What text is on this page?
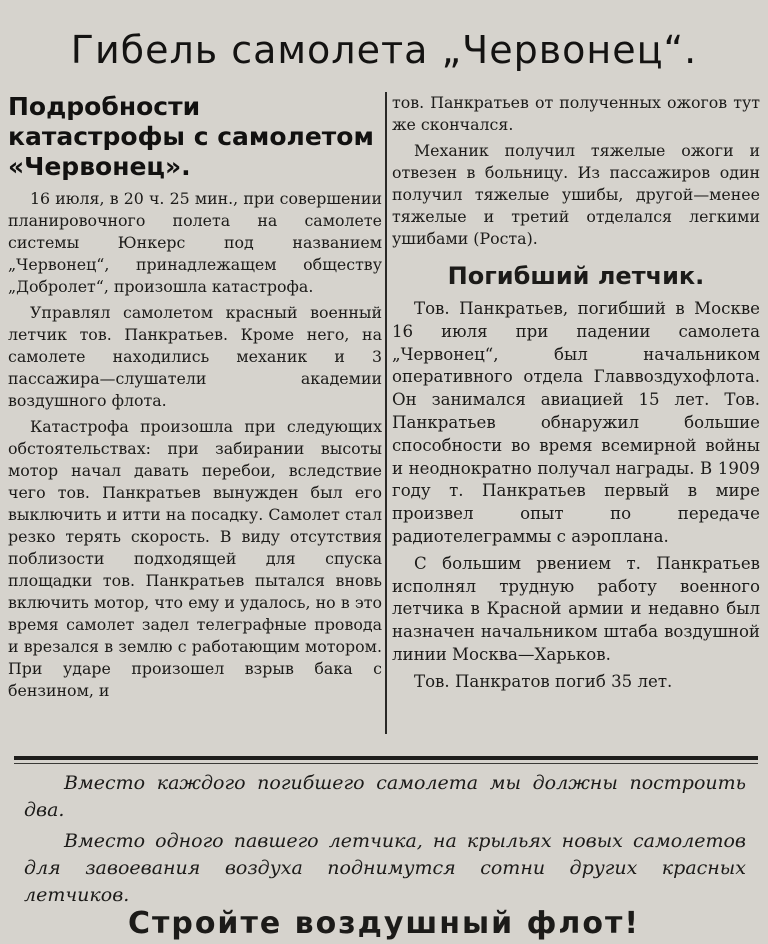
Гибель самолета „Червонец“.
Подробности катастрофы с самолетом «Червонец».

16 июля, в 20 ч. 25 мин., при совершении планировочного полета на самолете системы Юнкерс под названием „Червонец“, принадлежащем обществу „Добролет“, произошла катастрофа.

Управлял самолетом красный военный летчик тов. Панкратьев. Кроме него, на самолете находились механик и 3 пассажира—слушатели академии воздушного флота.

Катастрофа произошла при следующих обстоятельствах: при забирании высоты мотор начал давать перебои, вследствие чего тов. Панкратьев вынужден был его выключить и итти на посадку. Самолет стал резко терять скорость. В виду отсутствия поблизости подходящей для спуска площадки тов. Панкратьев пытался вновь включить мотор, что ему и удалось, но в это время самолет задел телеграфные провода и врезался в землю с работающим мотором. При ударе произошел взрыв бака с бензином, и

тов. Панкратьев от полученных ожогов тут же скончался.

Механик получил тяжелые ожоги и отвезен в больницу. Из пассажиров один получил тяжелые ушибы, другой—менее тяжелые и третий отделался легкими ушибами (Роста).

Погибший летчик.

Тов. Панкратьев, погибший в Москве 16 июля при падении самолета „Червонец“, был начальником оперативного отдела Главвоздухофлота. Он занимался авиацией 15 лет. Тов. Панкратьев обнаружил большие способности во время всемирной войны и неоднократно получал награды. В 1909 году т. Панкратьев первый в мире произвел опыт по передаче радиотелеграммы с аэроплана.

С большим рвением т. Панкратьев исполнял трудную работу военного летчика в Красной армии и недавно был назначен начальником штаба воздушной линии Москва—Харьков.

Тов. Панкратов погиб 35 лет.

Вместо каждого погибшего самолета мы должны построить два.

Вместо одного павшего летчика, на крыльях новых самолетов для завоевания воздуха поднимутся сотни других красных летчиков.

Стройте воздушный флот!
